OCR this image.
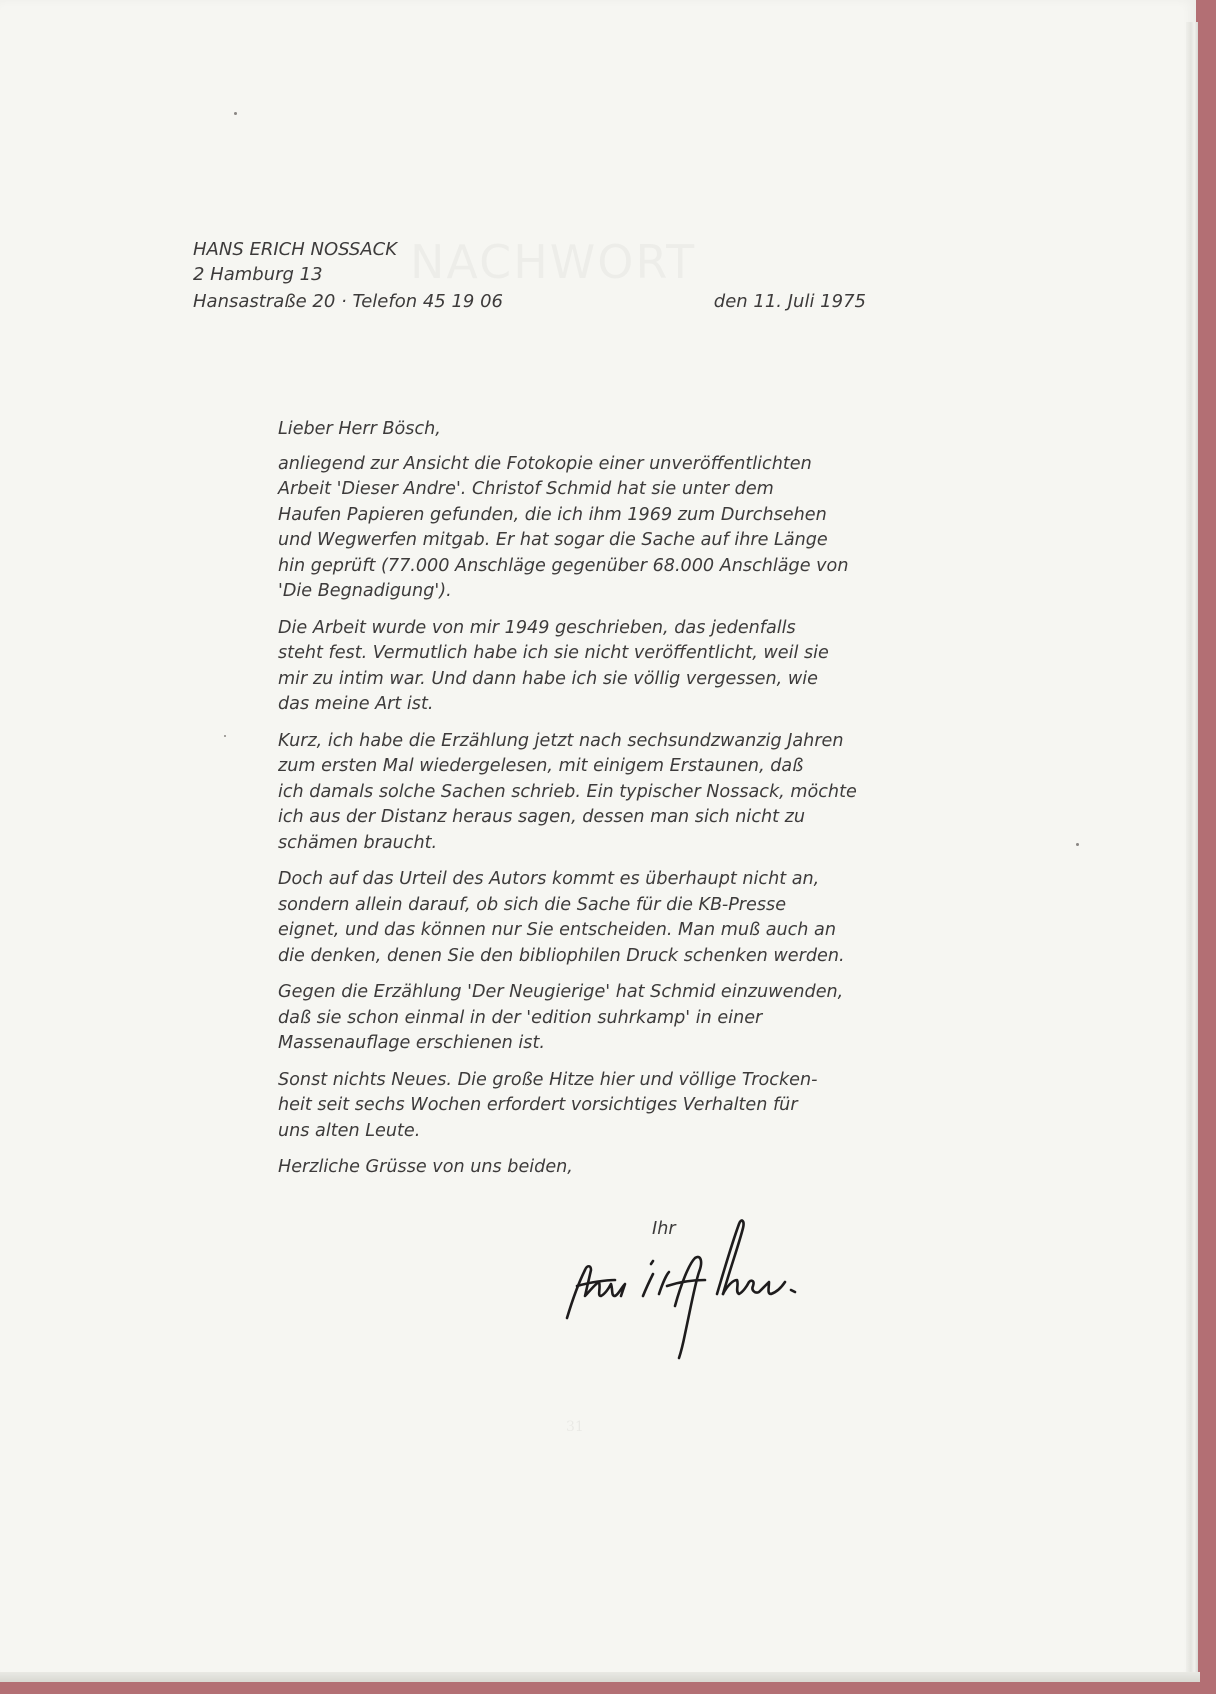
31
HANS ERICH NOSSACK
2 Hamburg 13
Hansastraße 20 · Telefon 45 19 06	den 11. Juli 1975

Lieber Herr Bösch,

anliegend zur Ansicht die Fotokopie einer unveröffentlichten
Arbeit 'Dieser Andre'. Christof Schmid hat sie unter dem
Haufen Papieren gefunden, die ich ihm 1969 zum Durchsehen
und Wegwerfen mitgab. Er hat sogar die Sache auf ihre Länge
hin geprüft (77.000 Anschläge gegenüber 68.000 Anschläge von
'Die Begnadigung').

Die Arbeit wurde von mir 1949 geschrieben, das jedenfalls
steht fest. Vermutlich habe ich sie nicht veröffentlicht, weil sie
mir zu intim war. Und dann habe ich sie völlig vergessen, wie
das meine Art ist.

Kurz, ich habe die Erzählung jetzt nach sechsundzwanzig Jahren
zum ersten Mal wiedergelesen, mit einigem Erstaunen, daß
ich damals solche Sachen schrieb. Ein typischer Nossack, möchte
ich aus der Distanz heraus sagen, dessen man sich nicht zu
schämen braucht.

Doch auf das Urteil des Autors kommt es überhaupt nicht an,
sondern allein darauf, ob sich die Sache für die KB-Presse
eignet, und das können nur Sie entscheiden. Man muß auch an
die denken, denen Sie den bibliophilen Druck schenken werden.

Gegen die Erzählung 'Der Neugierige' hat Schmid einzuwenden,
daß sie schon einmal in der 'edition suhrkamp' in einer
Massenauflage erschienen ist.

Sonst nichts Neues. Die große Hitze hier und völlige Trocken-
heit seit sechs Wochen erfordert vorsichtiges Verhalten für
uns alten Leute.

Herzliche Grüsse von uns beiden,

Ihr
